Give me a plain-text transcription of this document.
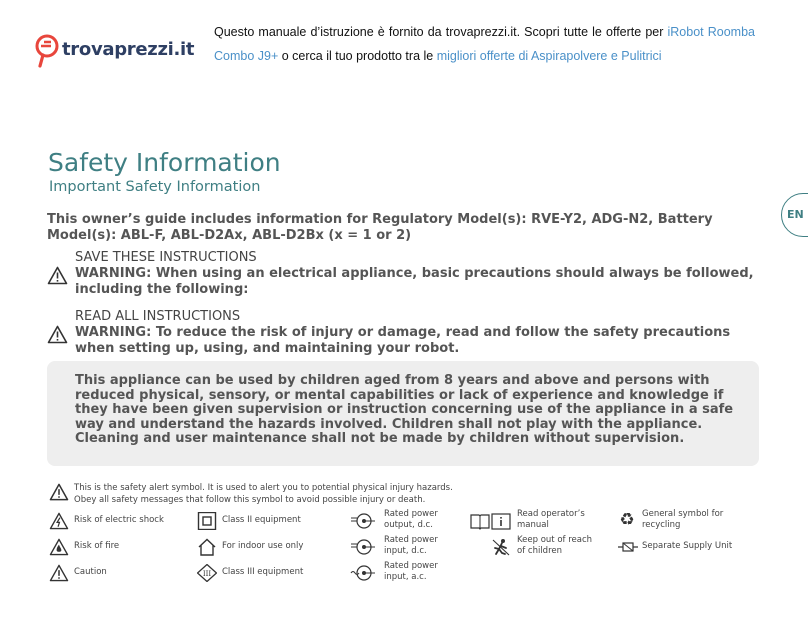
trovaprezzi.it
Questo manuale d’istruzione è fornito da trovaprezzi.it. Scopri tutte le offerte per iRobot Roomba Combo J9+ o cerca il tuo prodotto tra le migliori offerte di Aspirapolvere e Pulitrici
Safety Information
Important Safety Information
This owner’s guide includes information for Regulatory Model(s): RVE-Y2, ADG-N2, Battery Model(s): ABL-F, ABL-D2Ax, ABL-D2Bx (x = 1 or 2)
EN
SAVE THESE INSTRUCTIONS
WARNING: When using an electrical appliance, basic precautions should always be followed, including the following:
READ ALL INSTRUCTIONS
WARNING: To reduce the risk of injury or damage, read and follow the safety precautions when setting up, using, and maintaining your robot.
This appliance can be used by children aged from 8 years and above and persons with reduced physical, sensory, or mental capabilities or lack of experience and knowledge if they have been given supervision or instruction concerning use of the appliance in a safe way and understand the hazards involved. Children shall not play with the appliance. Cleaning and user maintenance shall not be made by children without supervision.
This is the safety alert symbol. It is used to alert you to potential physical injury hazards.
Obey all safety messages that follow this symbol to avoid possible injury or death.
Risk of electric shock
Risk of fire
Caution
Class II equipment
For indoor use only
III Class III equipment
Rated power
output, d.c.
Rated power
input, d.c.
Rated power
input, a.c.
Read operator’s
manual
Keep out of reach
of children
♻ General symbol for
recycling
Separate Supply Unit
